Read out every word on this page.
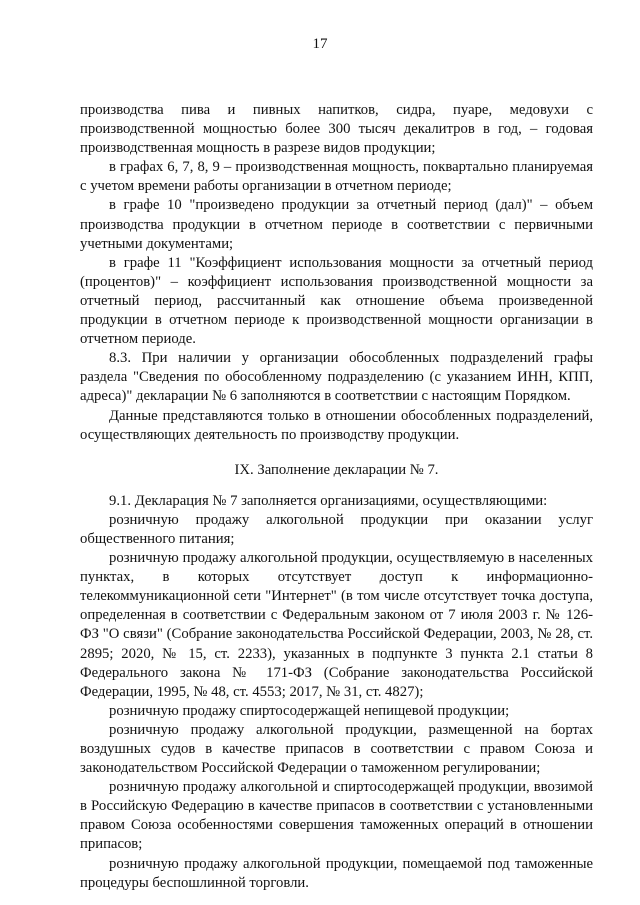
17

производства пива и пивных напитков, сидра, пуаре, медовухи с производственной мощностью более 300 тысяч декалитров в год, – годовая производственная мощность в разрезе видов продукции;

в графах 6, 7, 8, 9 – производственная мощность, поквартально планируемая с учетом времени работы организации в отчетном периоде;

в графе 10 "произведено продукции за отчетный период (дал)" – объем производства продукции в отчетном периоде в соответствии с первичными учетными документами;

в графе 11 "Коэффициент использования мощности за отчетный период (процентов)" – коэффициент использования производственной мощности за отчетный период, рассчитанный как отношение объема произведенной продукции в отчетном периоде к производственной мощности организации в отчетном периоде.

8.3. При наличии у организации обособленных подразделений графы раздела "Сведения по обособленному подразделению (с указанием ИНН, КПП, адреса)" декларации № 6 заполняются в соответствии с настоящим Порядком.

Данные представляются только в отношении обособленных подразделений, осуществляющих деятельность по производству продукции.

IX. Заполнение декларации № 7.

9.1. Декларация № 7 заполняется организациями, осуществляющими:

розничную продажу алкогольной продукции при оказании услуг общественного питания;

розничную продажу алкогольной продукции, осуществляемую в населенных пунктах, в которых отсутствует доступ к информационно-телекоммуникационной сети "Интернет" (в том числе отсутствует точка доступа, определенная в соответствии с Федеральным законом от 7 июля 2003 г. № 126-ФЗ "О связи" (Собрание законодательства Российской Федерации, 2003, № 28, ст. 2895; 2020, № 15, ст. 2233), указанных в подпункте 3 пункта 2.1 статьи 8 Федерального закона № 171-ФЗ (Собрание законодательства Российской Федерации, 1995, № 48, ст. 4553; 2017, № 31, ст. 4827);

розничную продажу спиртосодержащей непищевой продукции;

розничную продажу алкогольной продукции, размещенной на бортах воздушных судов в качестве припасов в соответствии с правом Союза и законодательством Российской Федерации о таможенном регулировании;

розничную продажу алкогольной и спиртосодержащей продукции, ввозимой в Российскую Федерацию в качестве припасов в соответствии с установленными правом Союза особенностями совершения таможенных операций в отношении припасов;

розничную продажу алкогольной продукции, помещаемой под таможенные процедуры беспошлинной торговли.
